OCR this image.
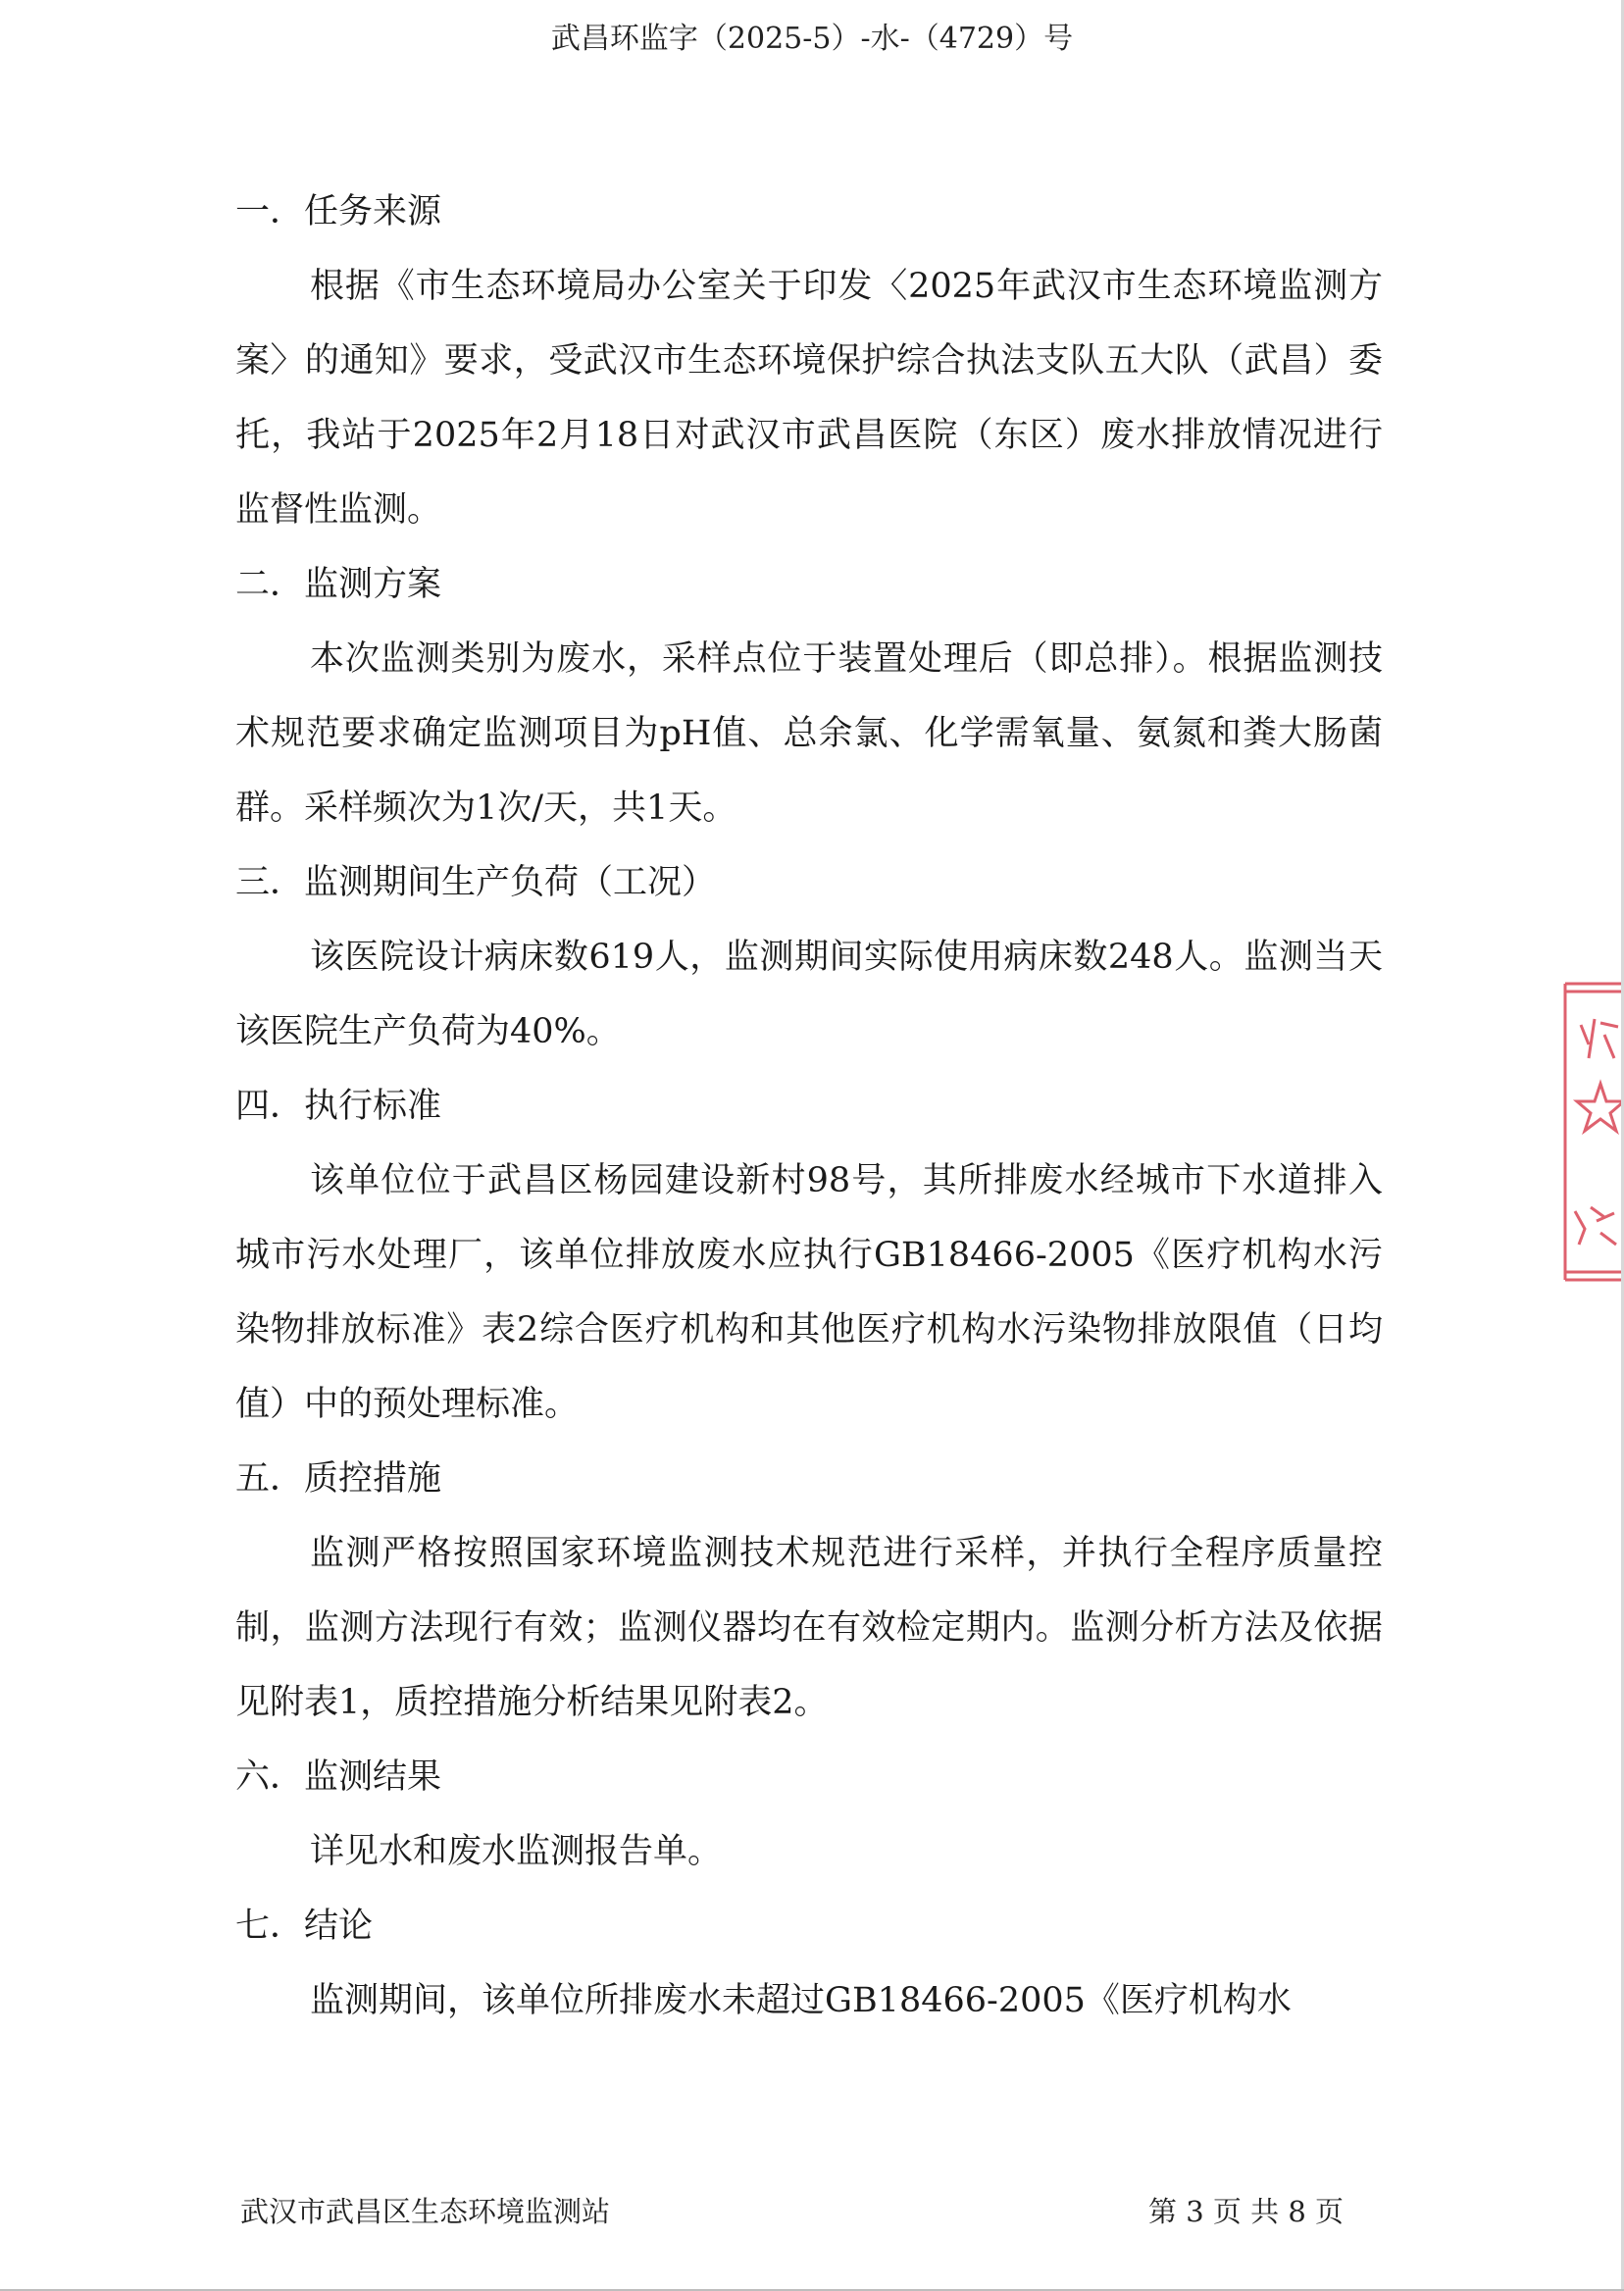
武昌环监字（2025-5）-水-（4729）号

一．任务来源

根据《市生态环境局办公室关于印发〈2025年武汉市生态环境监测方案〉的通知》要求，受武汉市生态环境保护综合执法支队五大队（武昌）委托，我站于2025年2月18日对武汉市武昌医院（东区）废水排放情况进行监督性监测。

二．监测方案

本次监测类别为废水，采样点位于装置处理后（即总排）。根据监测技术规范要求确定监测项目为pH值、总余氯、化学需氧量、氨氮和粪大肠菌群。采样频次为1次/天，共1天。

三．监测期间生产负荷（工况）

该医院设计病床数619人，监测期间实际使用病床数248人。监测当天该医院生产负荷为40%。

四．执行标准

该单位位于武昌区杨园建设新村98号，其所排废水经城市下水道排入城市污水处理厂，该单位排放废水应执行GB18466-2005《医疗机构水污染物排放标准》表2综合医疗机构和其他医疗机构水污染物排放限值（日均值）中的预处理标准。

五．质控措施

监测严格按照国家环境监测技术规范进行采样，并执行全程序质量控制，监测方法现行有效；监测仪器均在有效检定期内。监测分析方法及依据见附表1，质控措施分析结果见附表2。

六．监测结果

详见水和废水监测报告单。

七．结论

监测期间，该单位所排废水未超过GB18466-2005《医疗机构水

武汉市武昌区生态环境监测站	第 3 页 共 8 页
